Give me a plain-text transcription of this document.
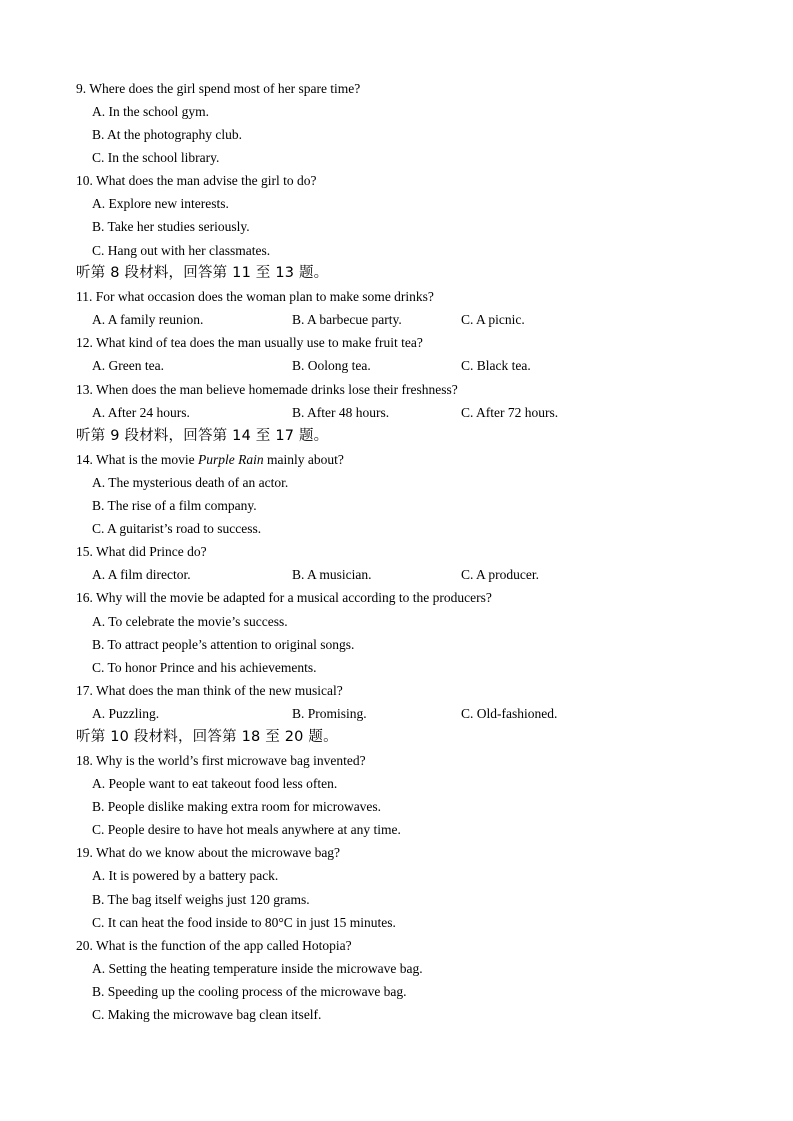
9. Where does the girl spend most of her spare time?
A. In the school gym.
B. At the photography club.
C. In the school library.
10. What does the man advise the girl to do?
A. Explore new interests.
B. Take her studies seriously.
C. Hang out with her classmates.
听第 8 段材料，回答第 11 至 13 题。
11. For what occasion does the woman plan to make some drinks?
A. A family reunion.	B. A barbecue party.	C. A picnic.
12. What kind of tea does the man usually use to make fruit tea?
A. Green tea.	B. Oolong tea.	C. Black tea.
13. When does the man believe homemade drinks lose their freshness?
A. After 24 hours.	B. After 48 hours.	C. After 72 hours.
听第 9 段材料，回答第 14 至 17 题。
14. What is the movie Purple Rain mainly about?
A. The mysterious death of an actor.
B. The rise of a film company.
C. A guitarist’s road to success.
15. What did Prince do?
A. A film director.	B. A musician.	C. A producer.
16. Why will the movie be adapted for a musical according to the producers?
A. To celebrate the movie’s success.
B. To attract people’s attention to original songs.
C. To honor Prince and his achievements.
17. What does the man think of the new musical?
A. Puzzling.	B. Promising.	C. Old-fashioned.
听第 10 段材料，回答第 18 至 20 题。
18. Why is the world’s first microwave bag invented?
A. People want to eat takeout food less often.
B. People dislike making extra room for microwaves.
C. People desire to have hot meals anywhere at any time.
19. What do we know about the microwave bag?
A. It is powered by a battery pack.
B. The bag itself weighs just 120 grams.
C. It can heat the food inside to 80°C in just 15 minutes.
20. What is the function of the app called Hotopia?
A. Setting the heating temperature inside the microwave bag.
B. Speeding up the cooling process of the microwave bag.
C. Making the microwave bag clean itself.
